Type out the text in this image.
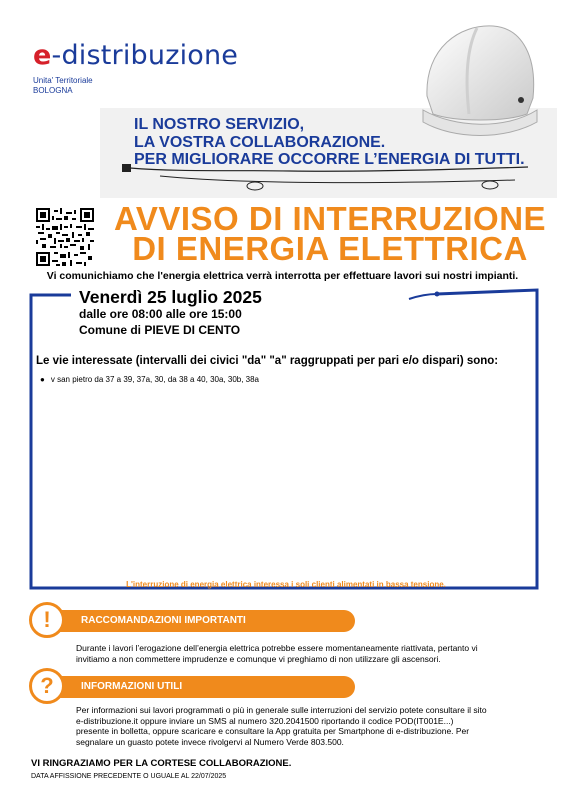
e-distribuzione
Unita' Territoriale
BOLOGNA
IL NOSTRO SERVIZIO,
LA VOSTRA COLLABORAZIONE.
PER MIGLIORARE OCCORRE L’ENERGIA DI TUTTI.
AVVISO DI INTERRUZIONE
DI ENERGIA ELETTRICA
Vi comunichiamo che l'energia elettrica verrà interrotta per effettuare lavori sui nostri impianti.
Venerdì 25 luglio 2025
dalle ore 08:00 alle ore 15:00
Comune di PIEVE DI CENTO
Le vie interessate (intervalli dei civici "da" "a" raggruppati per pari e/o dispari) sono:
● v san pietro da 37 a 39, 37a, 30, da 38 a 40, 30a, 30b, 38a
L'interruzione di energia elettrica interessa i soli clienti alimentati in bassa tensione.
RACCOMANDAZIONI IMPORTANTI
!
Durante i lavori l’erogazione dell’energia elettrica potrebbe essere momentaneamente riattivata, pertanto vi
invitiamo a non commettere imprudenze e comunque vi preghiamo di non utilizzare gli ascensori.
INFORMAZIONI UTILI
?
Per informazioni sui lavori programmati o più in generale sulle interruzioni del servizio potete consultare il sito
e-distribuzione.it oppure inviare un SMS al numero 320.2041500 riportando il codice POD(IT001E...)
presente in bolletta, oppure scaricare e consultare la App gratuita per Smartphone di e-distribuzione. Per
segnalare un guasto potete invece rivolgervi al Numero Verde 803.500.
VI RINGRAZIAMO PER LA CORTESE COLLABORAZIONE.
DATA AFFISSIONE PRECEDENTE O UGUALE AL 22/07/2025
